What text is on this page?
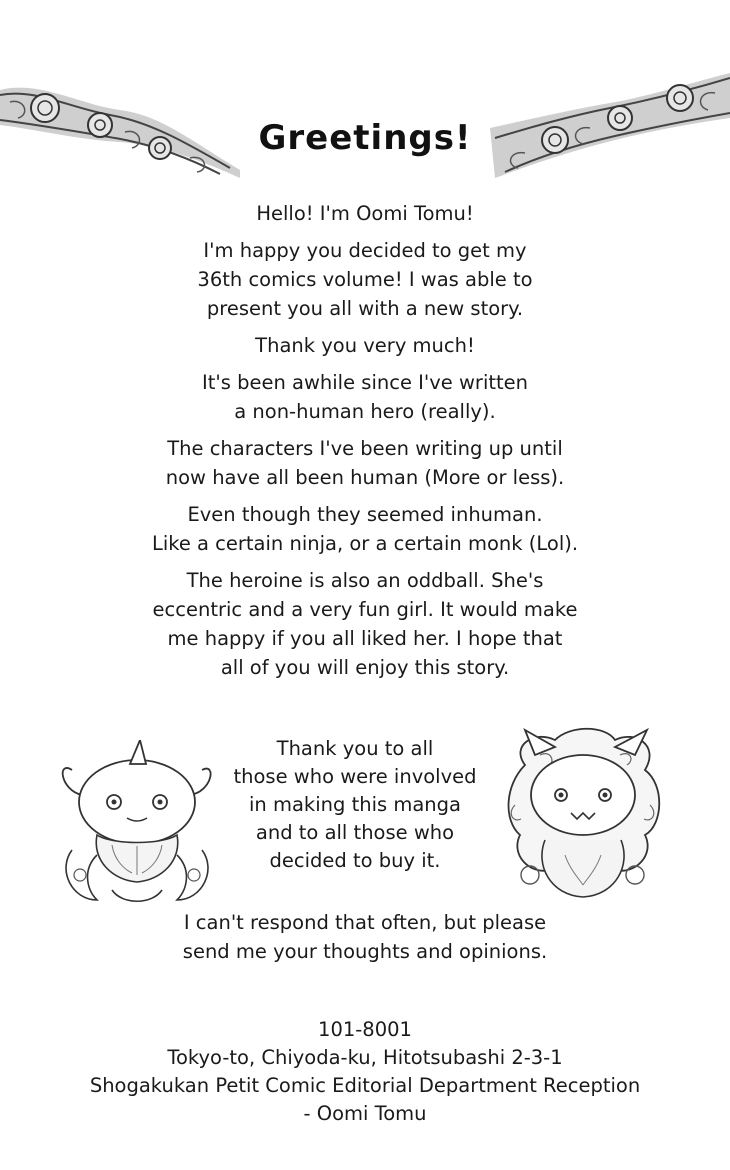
Greetings!
Hello! I'm Oomi Tomu!
I'm happy you decided to get my
36th comics volume! I was able to
present you all with a new story.
Thank you very much!
It's been awhile since I've written
a non-human hero (really).
The characters I've been writing up until
now have all been human (More or less).
Even though they seemed inhuman.
Like a certain ninja, or a certain monk (Lol).
The heroine is also an oddball. She's
eccentric and a very fun girl. It would make
me happy if you all liked her. I hope that
all of you will enjoy this story.
Thank you to all
those who were involved
in making this manga
and to all those who
decided to buy it.
I can't respond that often, but please
send me your thoughts and opinions.
101-8001
Tokyo-to, Chiyoda-ku, Hitotsubashi 2-3-1
Shogakukan Petit Comic Editorial Department Reception
- Oomi Tomu
